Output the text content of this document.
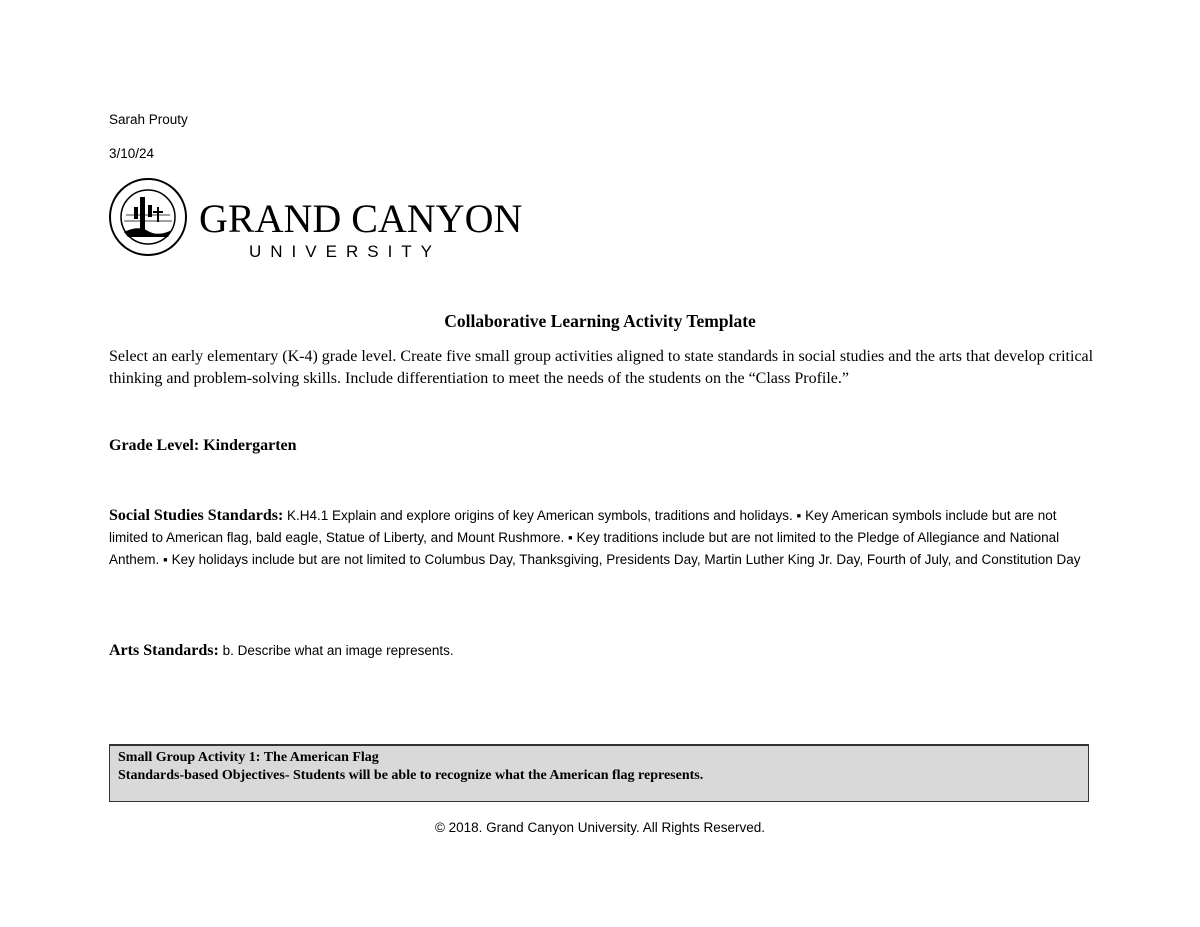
Sarah Prouty
3/10/24
GRAND CANYON
UNIVERSITY
Collaborative Learning Activity Template
Select an early elementary (K-4) grade level. Create five small group activities aligned to state standards in social studies and the arts that develop critical thinking and problem-solving skills. Include differentiation to meet the needs of the students on the “Class Profile.”
Grade Level: Kindergarten
Social Studies Standards: K.H4.1 Explain and explore origins of key American symbols, traditions and holidays. ▪ Key American symbols include but are not limited to American flag, bald eagle, Statue of Liberty, and Mount Rushmore. ▪ Key traditions include but are not limited to the Pledge of Allegiance and National Anthem. ▪ Key holidays include but are not limited to Columbus Day, Thanksgiving, Presidents Day, Martin Luther King Jr. Day, Fourth of July, and Constitution Day
Arts Standards: b. Describe what an image represents.
Small Group Activity 1: The American Flag
Standards-based Objectives- Students will be able to recognize what the American flag represents.
© 2018. Grand Canyon University. All Rights Reserved.
